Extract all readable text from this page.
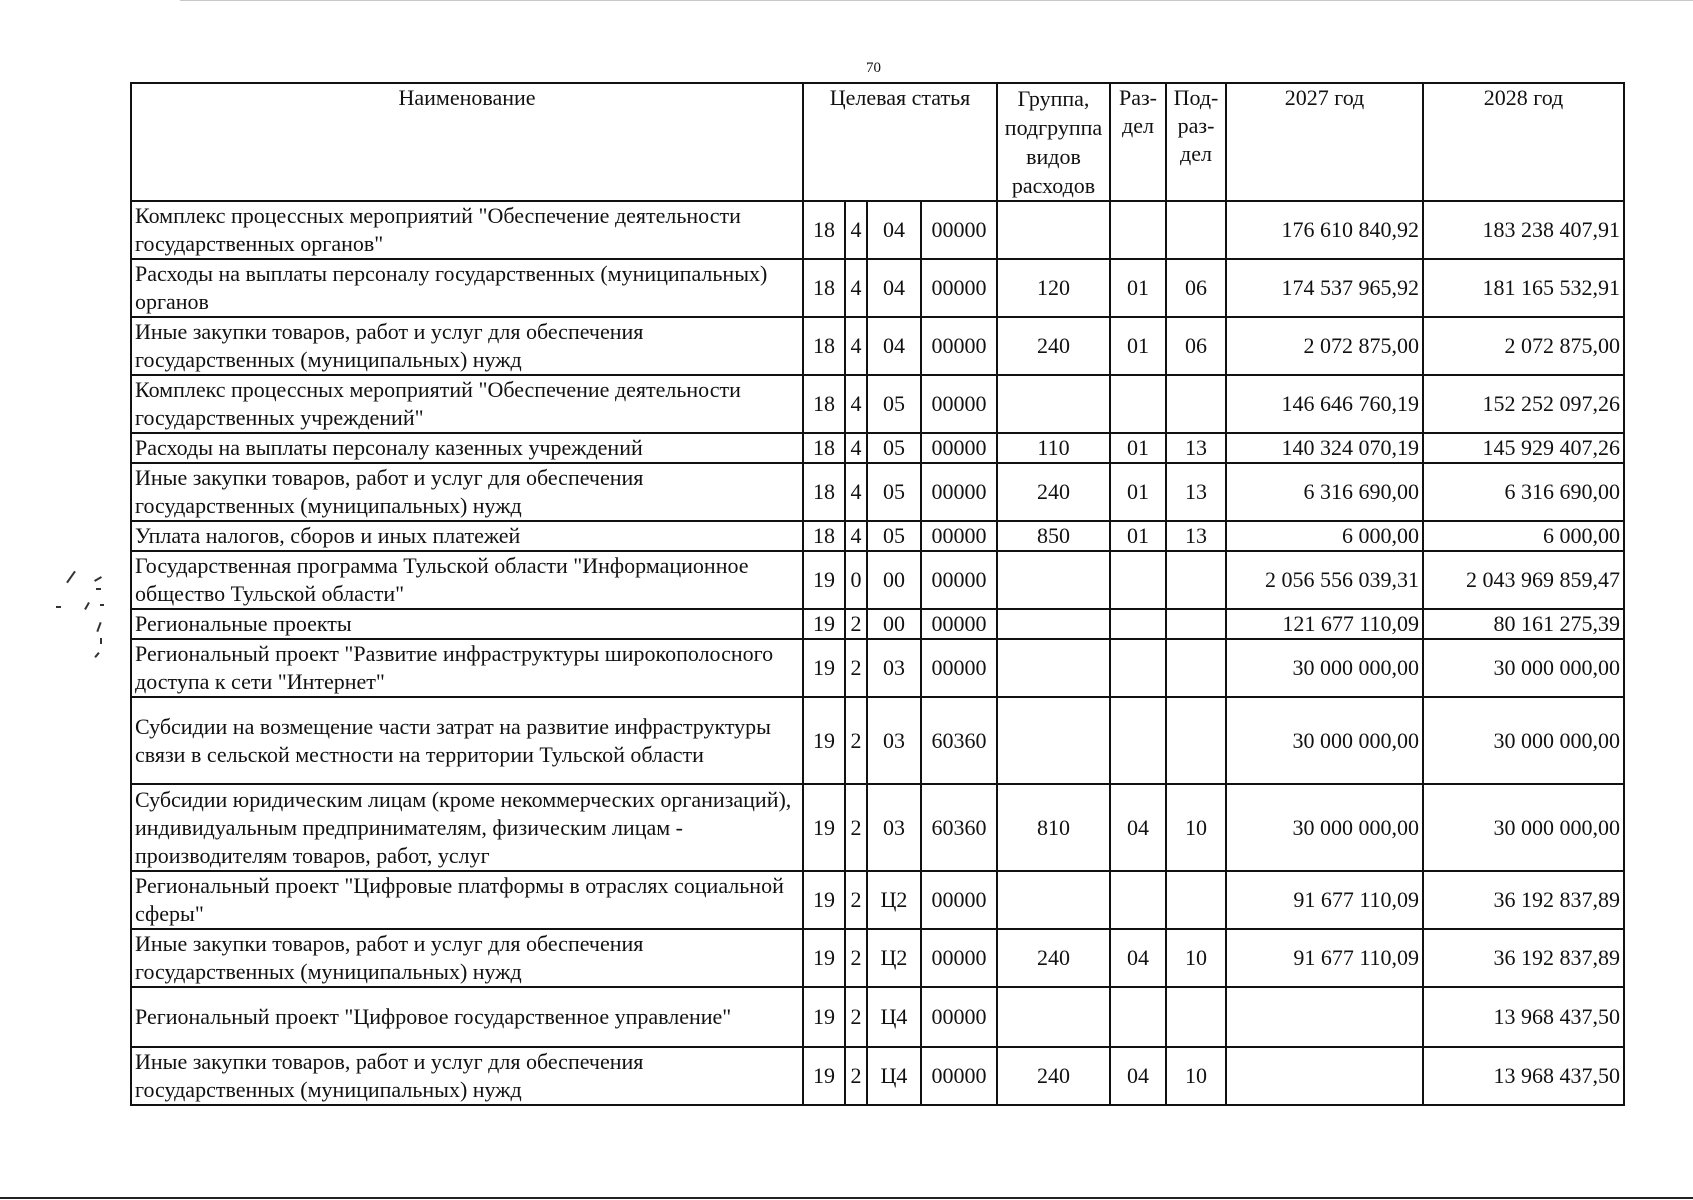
70
Наименование	Целевая статья				Группа, подгруппа видов расходов	Раз- дел	Под- раз- дел	2027 год	2028 год
Комплекс процессных мероприятий "Обеспечение деятельности государственных органов"	18	4	04	00000				176 610 840,92	183 238 407,91
Расходы на выплаты персоналу государственных (муниципальных) органов	18	4	04	00000	120	01	06	174 537 965,92	181 165 532,91
Иные закупки товаров, работ и услуг для обеспечения государственных (муниципальных) нужд	18	4	04	00000	240	01	06	2 072 875,00	2 072 875,00
Комплекс процессных мероприятий "Обеспечение деятельности государственных учреждений"	18	4	05	00000				146 646 760,19	152 252 097,26
Расходы на выплаты персоналу казенных учреждений	18	4	05	00000	110	01	13	140 324 070,19	145 929 407,26
Иные закупки товаров, работ и услуг для обеспечения государственных (муниципальных) нужд	18	4	05	00000	240	01	13	6 316 690,00	6 316 690,00
Уплата налогов, сборов и иных платежей	18	4	05	00000	850	01	13	6 000,00	6 000,00
Государственная программа Тульской области "Информационное общество Тульской области"	19	0	00	00000				2 056 556 039,31	2 043 969 859,47
Региональные проекты	19	2	00	00000				121 677 110,09	80 161 275,39
Региональный проект "Развитие инфраструктуры широкополосного доступа к сети "Интернет"	19	2	03	00000				30 000 000,00	30 000 000,00
Субсидии на возмещение части затрат на развитие инфраструктуры связи в сельской местности на территории Тульской области	19	2	03	60360				30 000 000,00	30 000 000,00
Субсидии юридическим лицам (кроме некоммерческих организаций), индивидуальным предпринимателям, физическим лицам - производителям товаров, работ, услуг	19	2	03	60360	810	04	10	30 000 000,00	30 000 000,00
Региональный проект "Цифровые платформы в отраслях социальной сферы"	19	2	Ц2	00000				91 677 110,09	36 192 837,89
Иные закупки товаров, работ и услуг для обеспечения государственных (муниципальных) нужд	19	2	Ц2	00000	240	04	10	91 677 110,09	36 192 837,89
Региональный проект "Цифровое государственное управление"	19	2	Ц4	00000					13 968 437,50
Иные закупки товаров, работ и услуг для обеспечения государственных (муниципальных) нужд	19	2	Ц4	00000	240	04	10		13 968 437,50
